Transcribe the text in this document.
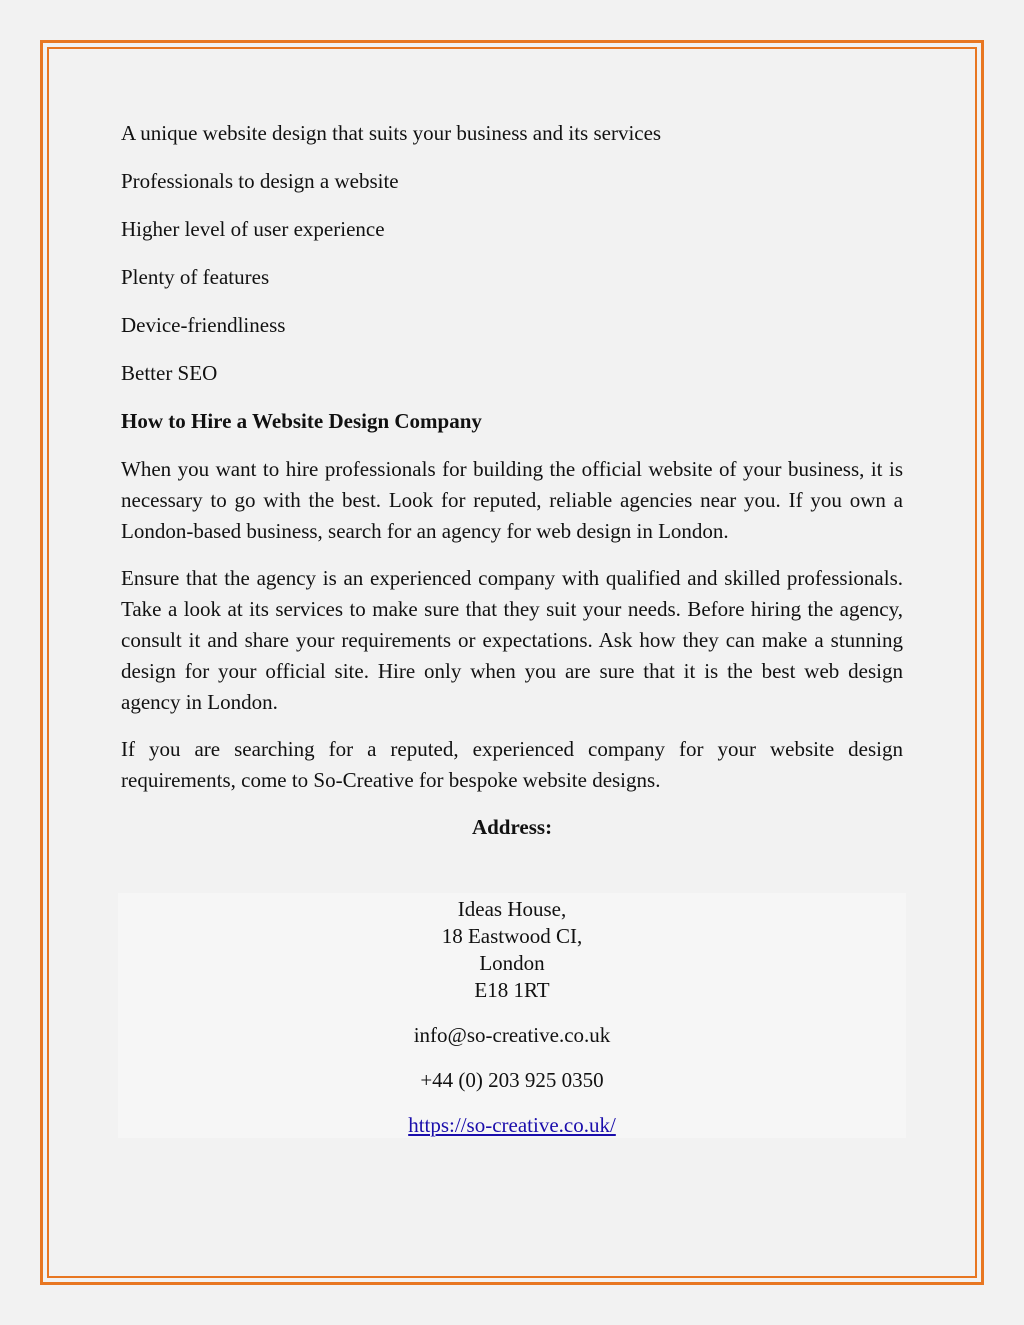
A unique website design that suits your business and its services

Professionals to design a website

Higher level of user experience

Plenty of features

Device-friendliness

Better SEO

How to Hire a Website Design Company

When you want to hire professionals for building the official website of your business, it is necessary to go with the best. Look for reputed, reliable agencies near you. If you own a London-based business, search for an agency for web design in London.

Ensure that the agency is an experienced company with qualified and skilled professionals. Take a look at its services to make sure that they suit your needs. Before hiring the agency, consult it and share your requirements or expectations. Ask how they can make a stunning design for your official site. Hire only when you are sure that it is the best web design agency in London.

If you are searching for a reputed, experienced company for your website design requirements, come to So-Creative for bespoke website designs.

Address:

Ideas House,
18 Eastwood CI,
London
E18 1RT
info@so-creative.co.uk
+44 (0) 203 925 0350
https://so-creative.co.uk/
